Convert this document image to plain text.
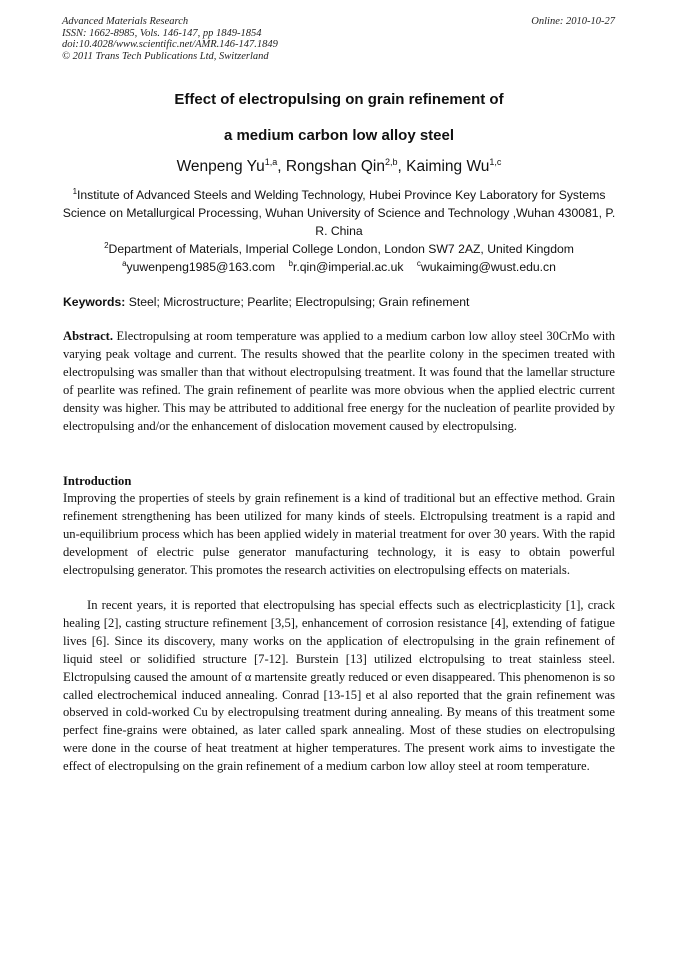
Advanced Materials Research
ISSN: 1662-8985, Vols. 146-147, pp 1849-1854
doi:10.4028/www.scientific.net/AMR.146-147.1849
© 2011 Trans Tech Publications Ltd, Switzerland
Online: 2010-10-27
Effect of electropulsing on grain refinement of
a medium carbon low alloy steel
Wenpeng Yu$^{1,a}$, Rongshan Qin$^{2,b}$, Kaiming Wu$^{1,c}$
$^1$Institute of Advanced Steels and Welding Technology, Hubei Province Key Laboratory for Systems Science on Metallurgical Processing, Wuhan University of Science and Technology ,Wuhan 430081, P. R. China
$^2$Department of Materials, Imperial College London, London SW7 2AZ, United Kingdom
$^a$yuwenpeng1985@163.com $^b$r.qin@imperial.ac.uk $^c$wukaiming@wust.edu.cn
Keywords: Steel; Microstructure; Pearlite; Electropulsing; Grain refinement

Abstract. Electropulsing at room temperature was applied to a medium carbon low alloy steel 30CrMo with varying peak voltage and current. The results showed that the pearlite colony in the specimen treated with electropulsing was smaller than that without electropulsing treatment. It was found that the lamellar structure of pearlite was refined. The grain refinement of pearlite was more obvious when the applied electric current density was higher. This may be attributed to additional free energy for the nucleation of pearlite provided by electropulsing and/or the enhancement of dislocation movement caused by electropulsing.

Introduction

Improving the properties of steels by grain refinement is a kind of traditional but an effective method. Grain refinement strengthening has been utilized for many kinds of steels. Elctropulsing treatment is a rapid and un-equilibrium process which has been applied widely in material treatment for over 30 years. With the rapid development of electric pulse generator manufacturing technology, it is easy to obtain powerful electropulsing generator. This promotes the research activities on electropulsing effects on materials.

In recent years, it is reported that electropulsing has special effects such as electricplasticity [1], crack healing [2], casting structure refinement [3,5], enhancement of corrosion resistance [4], extending of fatigue lives [6]. Since its discovery, many works on the application of electropulsing in the grain refinement of liquid steel or solidified structure [7-12]. Burstein [13] utilized elctropulsing to treat stainless steel. Elctropulsing caused the amount of α martensite greatly reduced or even disappeared. This phenomenon is so called electrochemical induced annealing. Conrad [13-15] et al also reported that the grain refinement was observed in cold-worked Cu by electropulsing treatment during annealing. By means of this treatment some perfect fine-grains were obtained, as later called spark annealing. Most of these studies on electropulsing were done in the course of heat treatment at higher temperatures. The present work aims to investigate the effect of electropulsing on the grain refinement of a medium carbon low alloy steel at room temperature.
